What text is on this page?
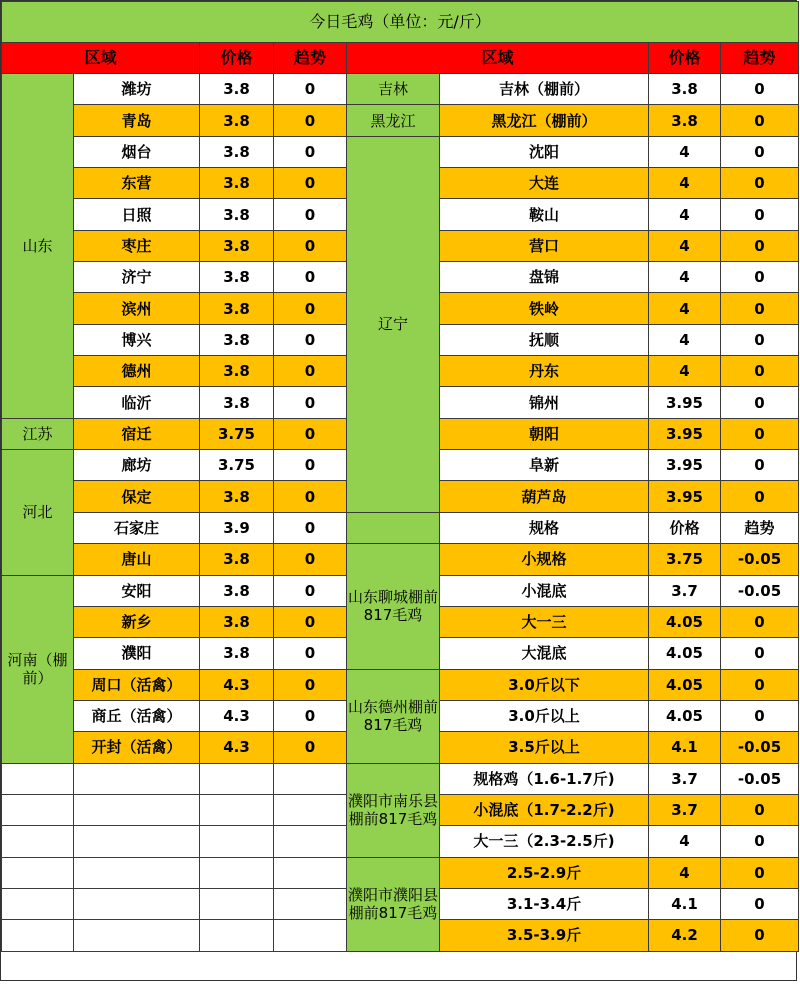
今日毛鸡（单位：元/斤）							
区域		价格	趋势	区域		价格	趋势
山东	潍坊	3.8	0	吉林	吉林（棚前）	3.8	0
	青岛	3.8	0	黑龙江	黑龙江（棚前）	3.8	0
	烟台	3.8	0	辽宁	沈阳	4	0
	东营	3.8	0		大连	4	0
	日照	3.8	0		鞍山	4	0
	枣庄	3.8	0		营口	4	0
	济宁	3.8	0		盘锦	4	0
	滨州	3.8	0		铁岭	4	0
	博兴	3.8	0		抚顺	4	0
	德州	3.8	0		丹东	4	0
	临沂	3.8	0		锦州	3.95	0
江苏	宿迁	3.75	0		朝阳	3.95	0
河北	廊坊	3.75	0		阜新	3.95	0
	保定	3.8	0		葫芦岛	3.95	0
	石家庄	3.9	0		规格	价格	趋势
	唐山	3.8	0	山东聊城棚前817毛鸡	小规格	3.75	-0.05
河南（棚前）	安阳	3.8	0		小混底	3.7	-0.05
	新乡	3.8	0		大一三	4.05	0
	濮阳	3.8	0		大混底	4.05	0
	周口（活禽）	4.3	0	山东德州棚前817毛鸡	3.0斤以下	4.05	0
	商丘（活禽）	4.3	0		3.0斤以上	4.05	0
	开封（活禽）	4.3	0		3.5斤以上	4.1	-0.05
				濮阳市南乐县棚前817毛鸡	规格鸡（1.6-1.7斤)	3.7	-0.05
					小混底（1.7-2.2斤)	3.7	0
					大一三（2.3-2.5斤)	4	0
				濮阳市濮阳县棚前817毛鸡	2.5-2.9斤	4	0
					3.1-3.4斤	4.1	0
					3.5-3.9斤	4.2	0
